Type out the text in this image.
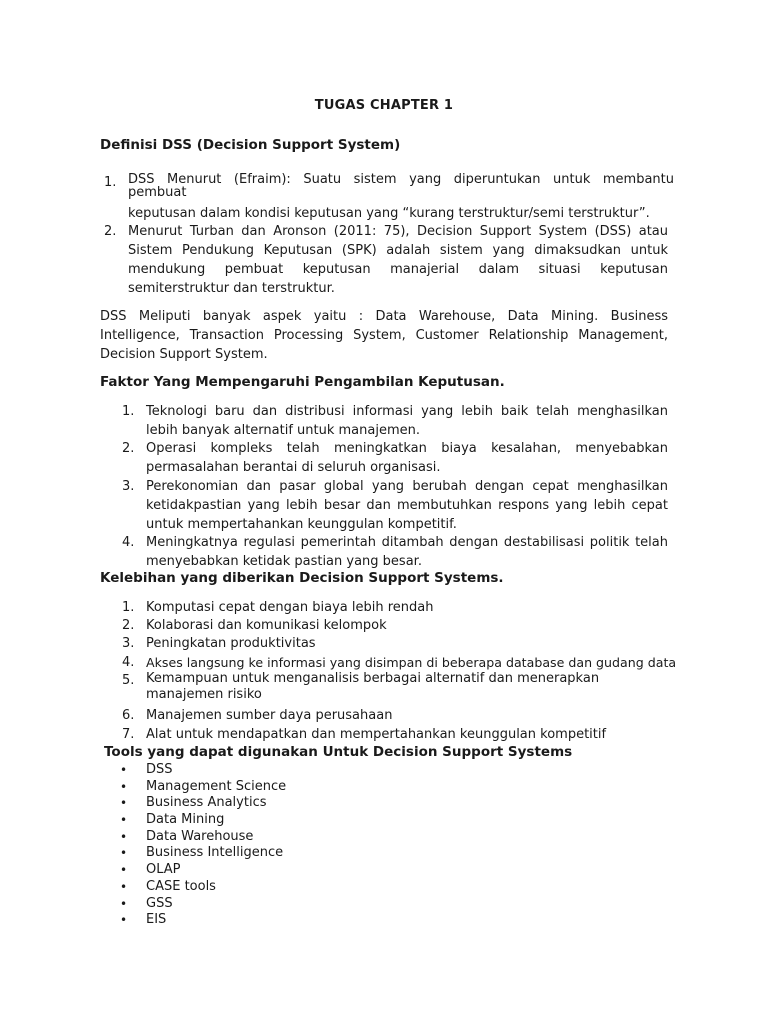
TUGAS CHAPTER 1
Definisi DSS (Decision Support System)
1. DSS Menurut (Efraim): Suatu sistem yang diperuntukan untuk membantu
pembuat
keputusan dalam kondisi keputusan yang “kurang terstruktur/semi terstruktur”.
2. Menurut Turban dan Aronson (2011: 75), Decision Support System (DSS) atau Sistem Pendukung Keputusan (SPK) adalah sistem yang dimaksudkan untuk mendukung pembuat keputusan manajerial dalam situasi keputusan semiterstruktur dan terstruktur.
DSS Meliputi banyak aspek yaitu : Data Warehouse, Data Mining. Business Intelligence, Transaction Processing System, Customer Relationship Management, Decision Support System.
Faktor Yang Mempengaruhi Pengambilan Keputusan.
1. Teknologi baru dan distribusi informasi yang lebih baik telah menghasilkan lebih banyak alternatif untuk manajemen.
2. Operasi kompleks telah meningkatkan biaya kesalahan, menyebabkan permasalahan berantai di seluruh organisasi.
3. Perekonomian dan pasar global yang berubah dengan cepat menghasilkan ketidakpastian yang lebih besar dan membutuhkan respons yang lebih cepat untuk mempertahankan keunggulan kompetitif.
4. Meningkatnya regulasi pemerintah ditambah dengan destabilisasi politik telah menyebabkan ketidak pastian yang besar.
Kelebihan yang diberikan Decision Support Systems.
1. Komputasi cepat dengan biaya lebih rendah
2. Kolaborasi dan komunikasi kelompok
3. Peningkatan produktivitas
4. Akses langsung ke informasi yang disimpan di beberapa database dan gudang data
5. Kemampuan untuk menganalisis berbagai alternatif dan menerapkan manajemen risiko
6. Manajemen sumber daya perusahaan
7. Alat untuk mendapatkan dan mempertahankan keunggulan kompetitif
Tools yang dapat digunakan Untuk Decision Support Systems
• DSS
• Management Science
• Business Analytics
• Data Mining
• Data Warehouse
• Business Intelligence
• OLAP
• CASE tools
• GSS
• EIS
